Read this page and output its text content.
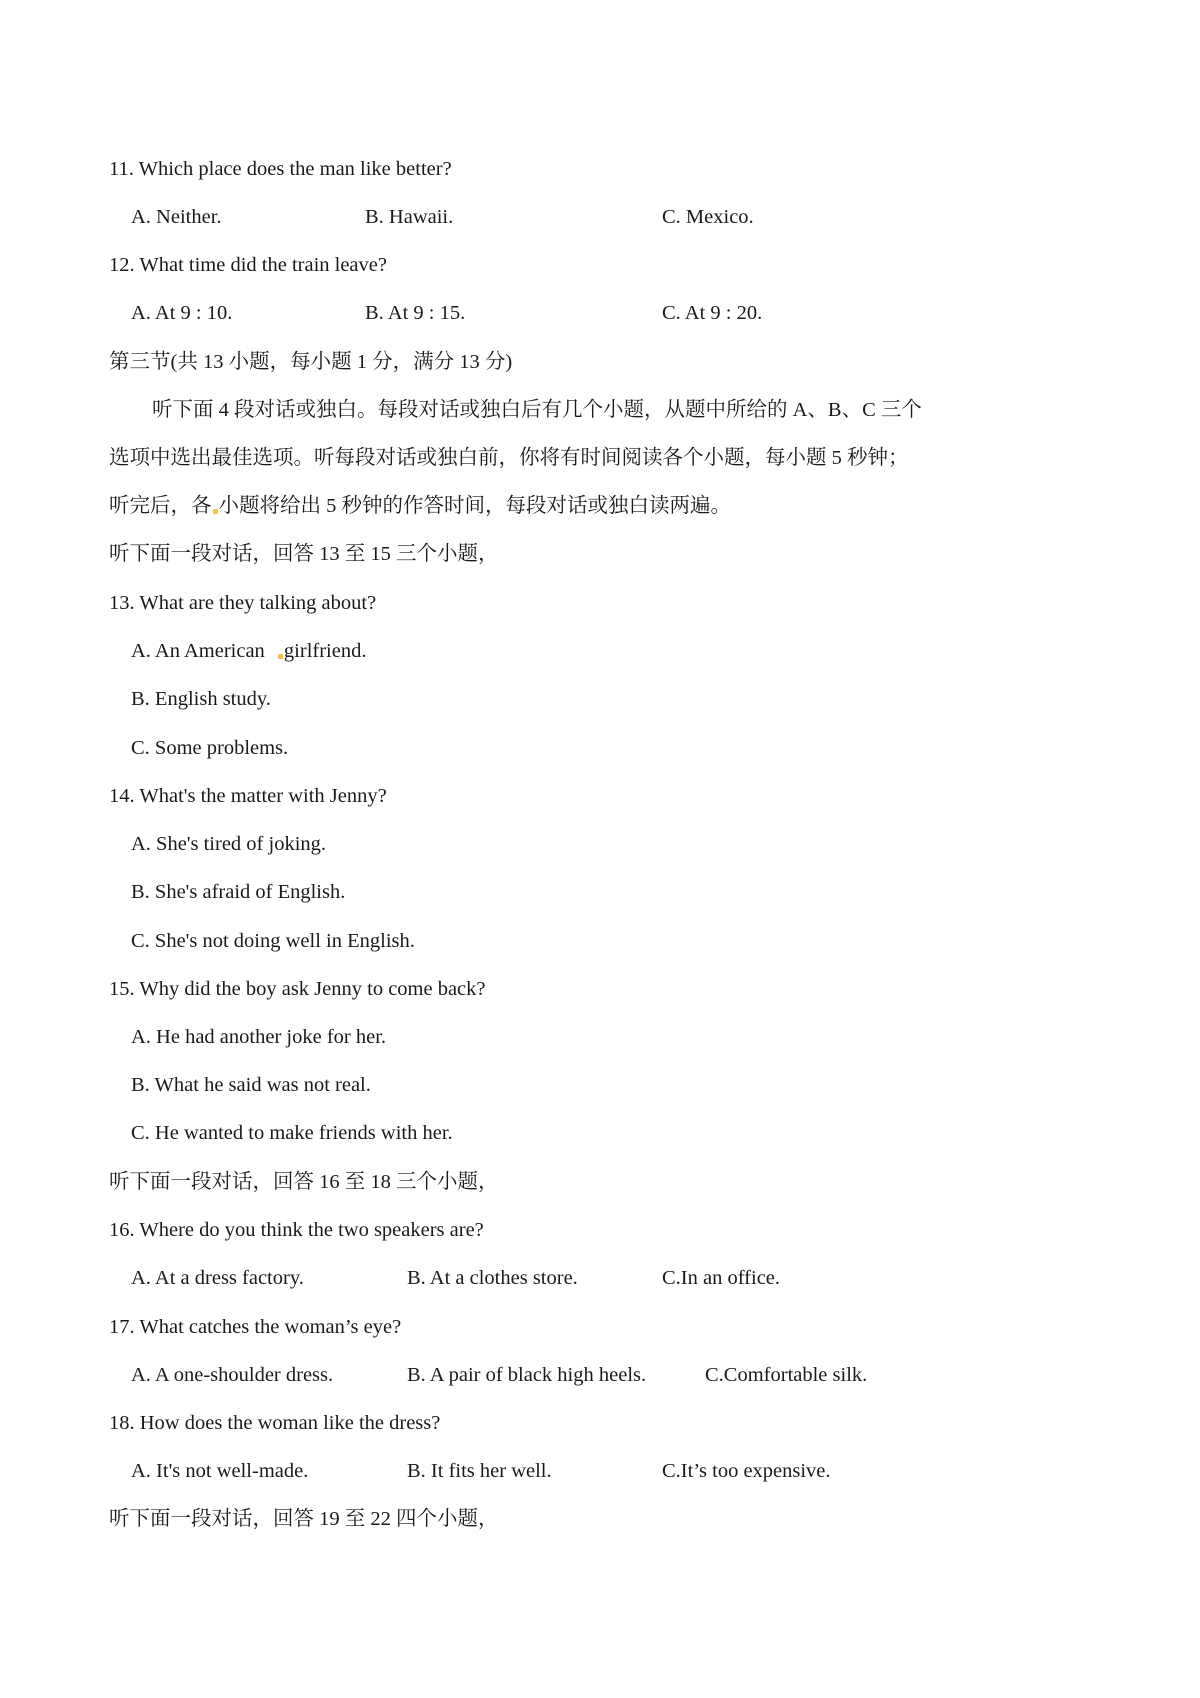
11. Which place does the man like better?
A. Neither.	B. Hawaii.	C. Mexico.
12. What time did the train leave?
A. At 9 : 10.	B. At 9 : 15.	C. At 9 : 20.
第三节(共 13 小题，每小题 1 分，满分 13 分)
听下面 4 段对话或独白。每段对话或独白后有几个小题，从题中所给的 A、B、C 三个
选项中选出最佳选项。听每段对话或独白前，你将有时间阅读各个小题，每小题 5 秒钟；
听完后，各 小题将给出 5 秒钟的作答时间，每段对话或独白读两遍。
听下面一段对话，回答 13 至 15 三个小题，
13. What are they talking about?
A. An American girlfriend.
B. English study.
C. Some problems.
14. What's the matter with Jenny?
A. She's tired of joking.
B. She's afraid of English.
C. She's not doing well in English.
15. Why did the boy ask Jenny to come back?
A. He had another joke for her.
B. What he said was not real.
C. He wanted to make friends with her.
听下面一段对话，回答 16 至 18 三个小题，
16. Where do you think the two speakers are?
A. At a dress factory.	B. At a clothes store.	C.In an office.
17. What catches the woman’s eye?
A. A one-shoulder dress.	B. A pair of black high heels.	C.Comfortable silk.
18. How does the woman like the dress?
A. It's not well-made.	B. It fits her well.	C.It’s too expensive.
听下面一段对话，回答 19 至 22 四个小题，
